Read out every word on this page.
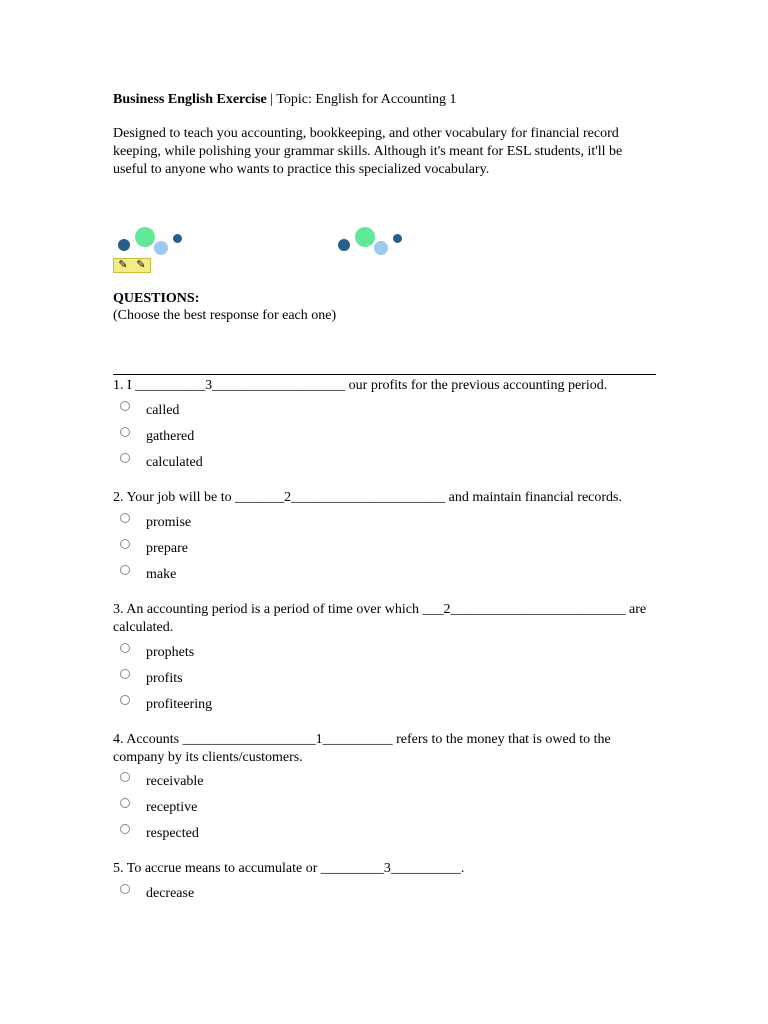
Business English Exercise | Topic: English for Accounting 1
Designed to teach you accounting, bookkeeping, and other vocabulary for financial record keeping, while polishing your grammar skills. Although it's meant for ESL students, it'll be useful to anyone who wants to practice this specialized vocabulary.
✎ ✎
QUESTIONS:
(Choose the best response for each one)
1. I __________3___________________ our profits for the previous accounting period.
called
gathered
calculated
2. Your job will be to _______2______________________ and maintain financial records.
promise
prepare
make
3. An accounting period is a period of time over which ___2_________________________ are calculated.
prophets
profits
profiteering
4. Accounts ___________________1__________ refers to the money that is owed to the company by its clients/customers.
receivable
receptive
respected
5. To accrue means to accumulate or _________3__________.
decrease
